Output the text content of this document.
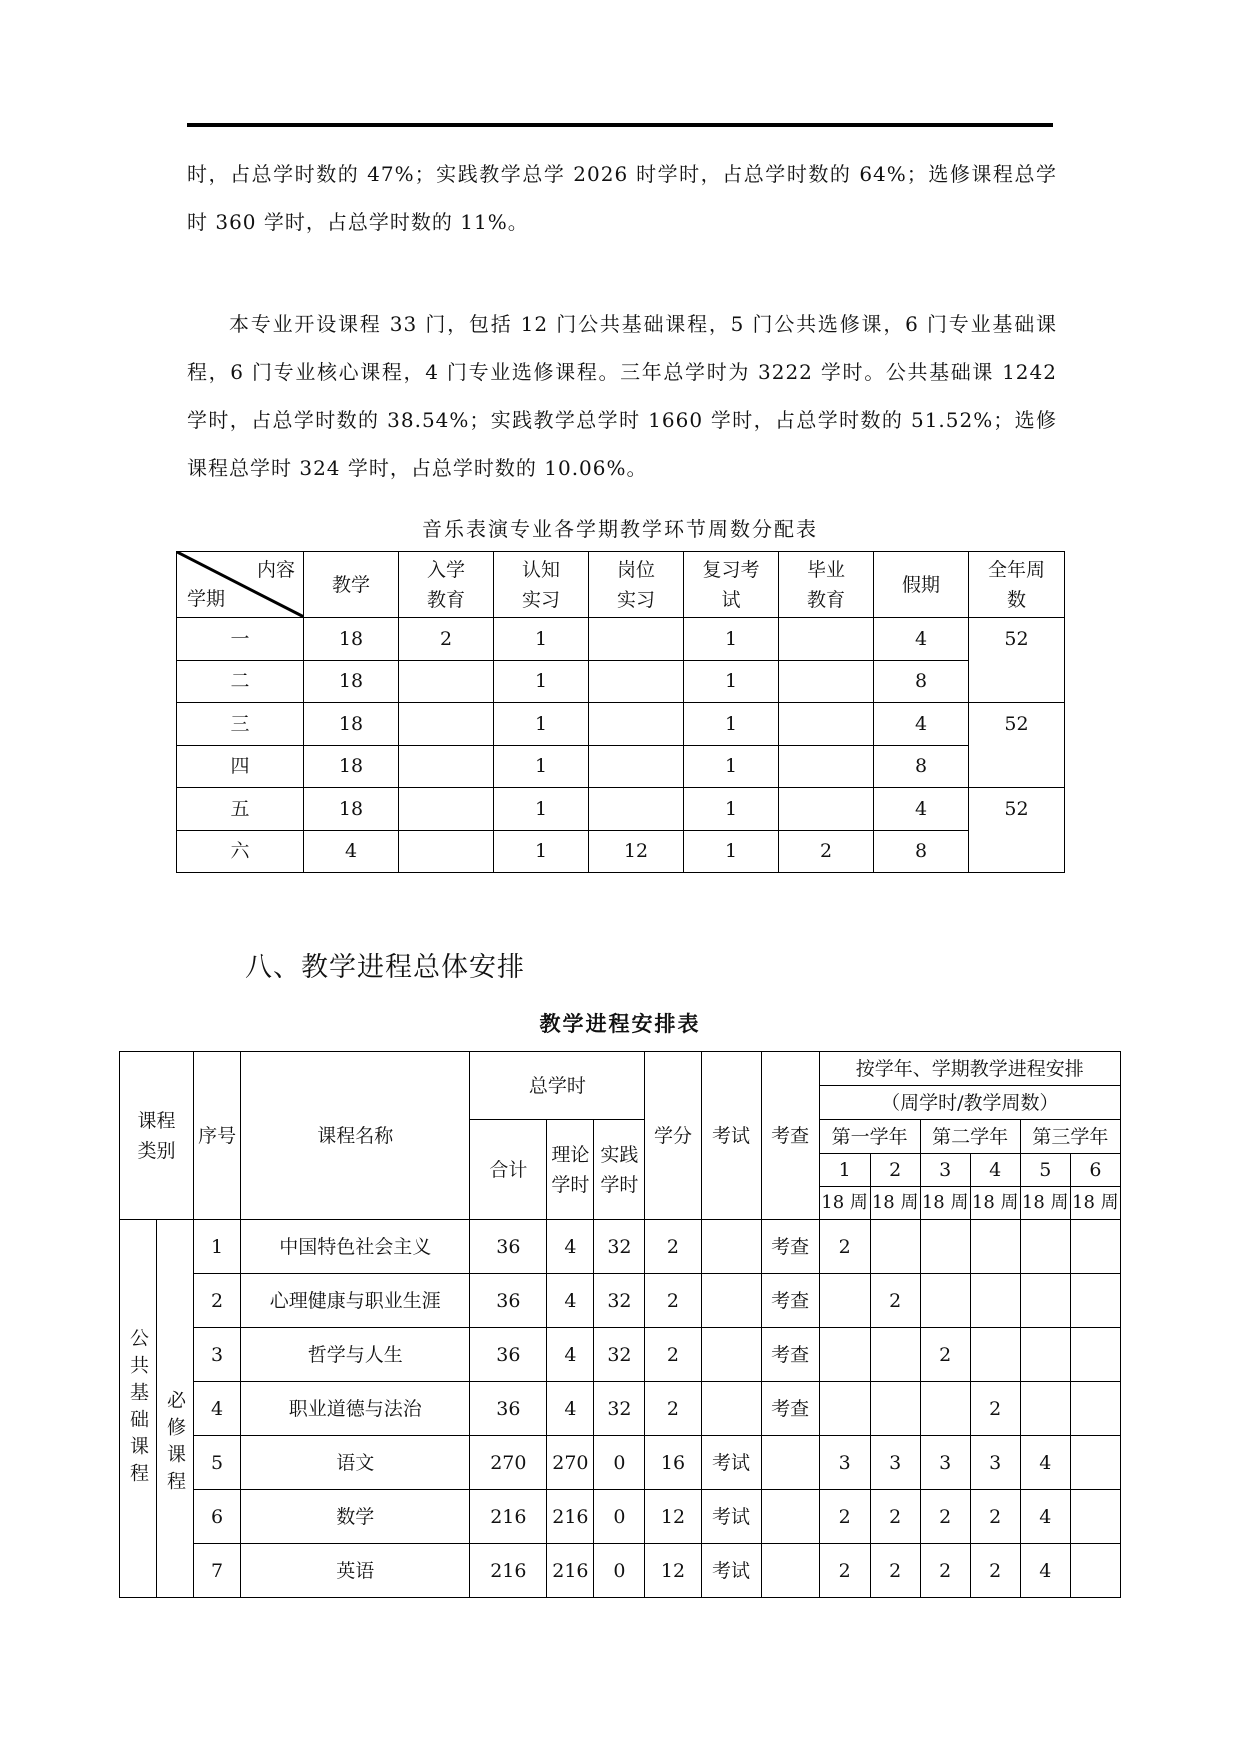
时，占总学时数的 47%；实践教学总学 2026 时学时，占总学时数的 64%；选修课程总学时 360 学时，占总学时数的 11%。
本专业开设课程 33 门，包括 12 门公共基础课程，5 门公共选修课，6 门专业基础课程，6 门专业核心课程，4 门专业选修课程。三年总学时为 3222 学时。公共基础课 1242 学时，占总学时数的 38.54%；实践教学总学时 1660 学时，占总学时数的 51.52%；选修课程总学时 324 学时，占总学时数的 10.06%。
音乐表演专业各学期教学环节周数分配表
内容
学期	教学	入学教育	认知实习	岗位实习	复习考试	毕业教育	假期	全年周数

一	18	2	1		1		4	52
二	18		1		1		8	
三	18		1		1		4	52
四	18		1		1		8	
五	18		1		1		4	52
六	4		1	12	1	2	8	
八、教学进程总体安排
教学进程安排表
课程类别		序号	课程名称	总学时			学分	考试	考查	按学年、学期教学进程安排					
										（周学时/教学周数）					
				合计	理论学时	实践学时				第一学年		第二学年		第三学年	
										1	2	3	4	5	6
										18 周	18 周	18 周	18 周	18 周	18 周

公共基础课程	必修课程	1	中国特色社会主义	36	4	32	2		考查	2					
		2	心理健康与职业生涯	36	4	32	2		考查		2				
		3	哲学与人生	36	4	32	2		考查			2			
		4	职业道德与法治	36	4	32	2		考查				2		
		5	语文	270	270	0	16	考试		3	3	3	3	4	
		6	数学	216	216	0	12	考试		2	2	2	2	4	
		7	英语	216	216	0	12	考试		2	2	2	2	4	
